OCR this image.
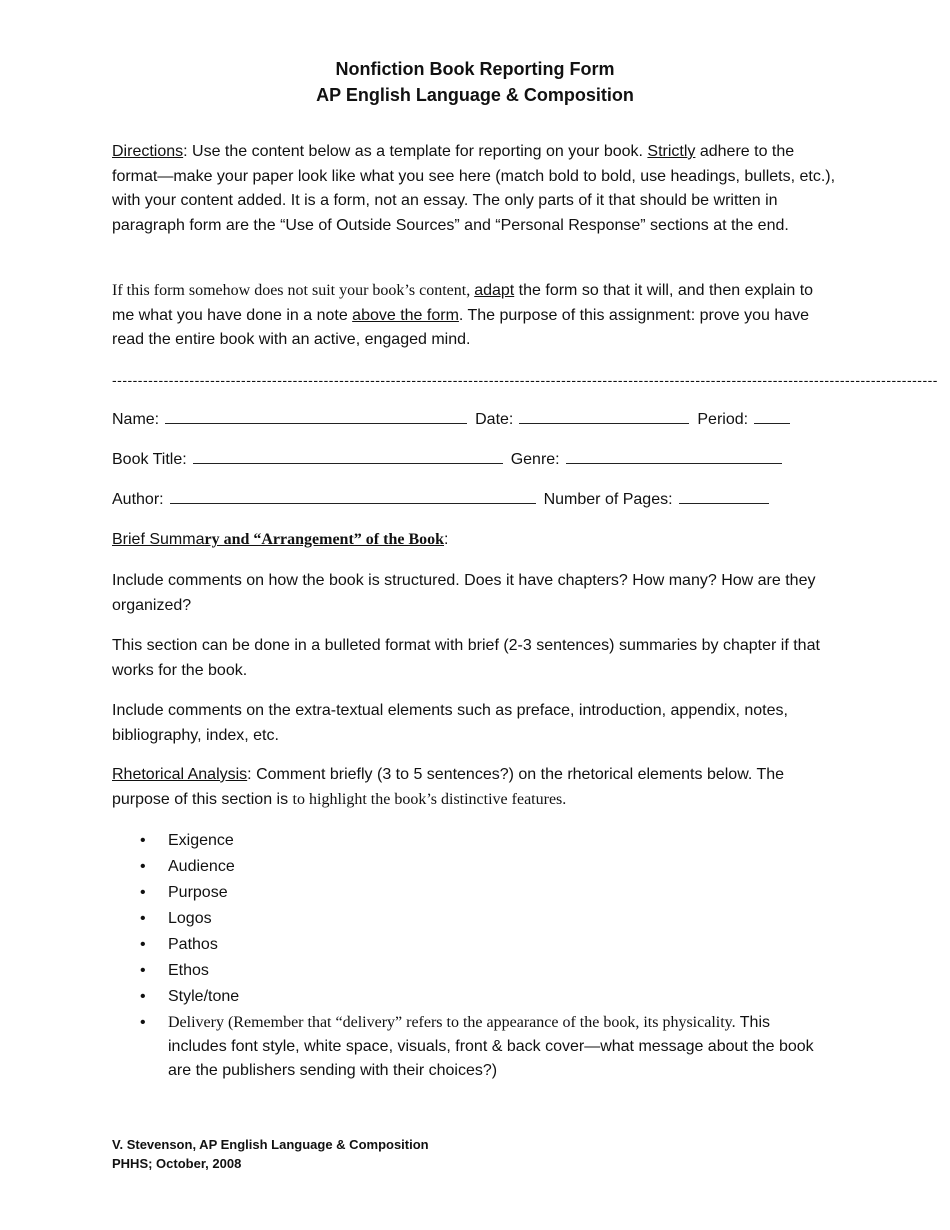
Nonfiction Book Reporting Form
AP English Language & Composition
Directions: Use the content below as a template for reporting on your book. Strictly adhere to the format—make your paper look like what you see here (match bold to bold, use headings, bullets, etc.), with your content added. It is a form, not an essay. The only parts of it that should be written in paragraph form are the “Use of Outside Sources” and “Personal Response” sections at the end.
If this form somehow does not suit your book’s content, adapt the form so that it will, and then explain to me what you have done in a note above the form. The purpose of this assignment: prove you have read the entire book with an active, engaged mind.
----------------------------------------------------------------------------------------------------------------------------------------------------------------
Name:	Date:	Period:
Book Title:	Genre:
Author:	Number of Pages:
Brief Summary and “Arrangement” of the Book:
Include comments on how the book is structured. Does it have chapters? How many? How are they organized?
This section can be done in a bulleted format with brief (2-3 sentences) summaries by chapter if that works for the book.
Include comments on the extra-textual elements such as preface, introduction, appendix, notes, bibliography, index, etc.
Rhetorical Analysis: Comment briefly (3 to 5 sentences?) on the rhetorical elements below. The purpose of this section is to highlight the book’s distinctive features.
• Exigence
• Audience
• Purpose
• Logos
• Pathos
• Ethos
• Style/tone
• Delivery (Remember that “delivery” refers to the appearance of the book, its physicality. This includes font style, white space, visuals, front & back cover—what message about the book are the publishers sending with their choices?)
V. Stevenson, AP English Language & Composition
PHHS; October, 2008
